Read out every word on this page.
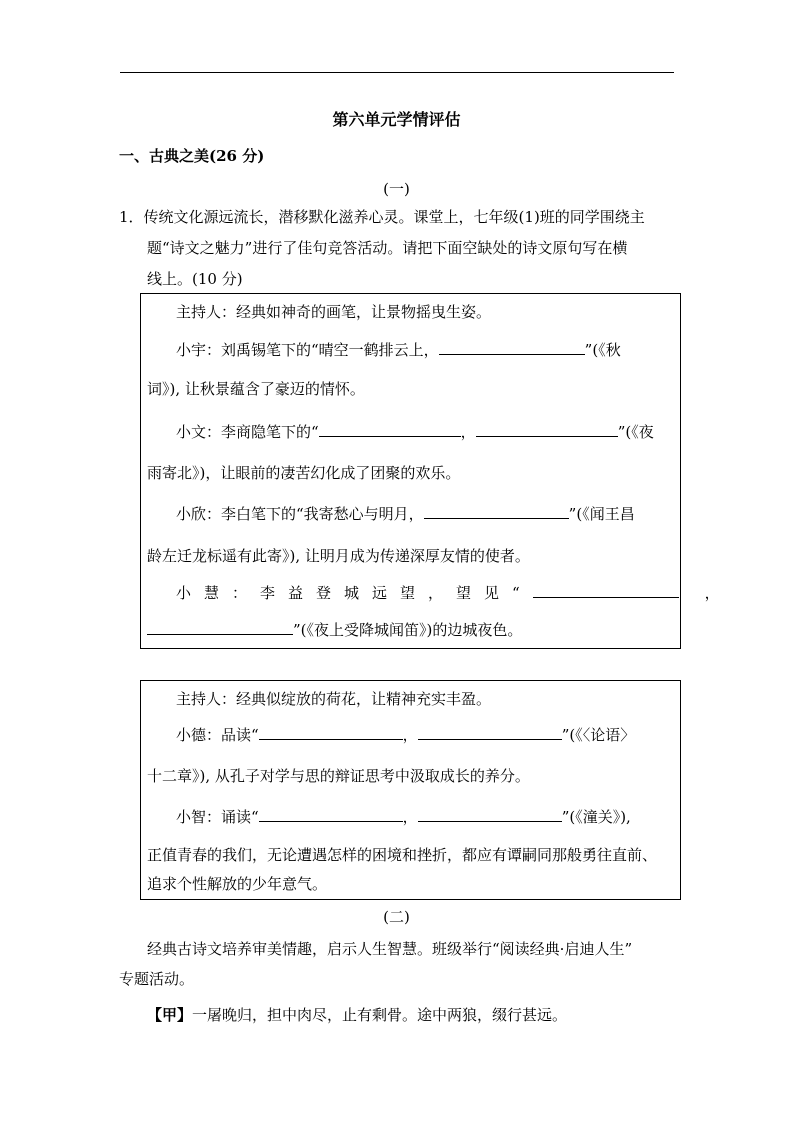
第六单元学情评估
一、古典之美(26 分)
(一)
1．传统文化源远流长，潜移默化滋养心灵。课堂上，七年级(1)班的同学围绕主
题“诗文之魅力”进行了佳句竞答活动。请把下面空缺处的诗文原句写在横
线上。(10 分)
主持人：经典如神奇的画笔，让景物摇曳生姿。
小宇：刘禹锡笔下的“晴空一鹤排云上，	”(《秋
词》), 让秋景蕴含了豪迈的情怀。
小文：李商隐笔下的“	，	”(《夜
雨寄北》)，让眼前的凄苦幻化成了团聚的欢乐。
小欣：李白笔下的“我寄愁心与明月，	”(《闻王昌
龄左迁龙标遥有此寄》), 让明月成为传递深厚友情的使者。
小慧：李益登城远望，望见“	，
”(《夜上受降城闻笛》)的边城夜色。
主持人：经典似绽放的荷花，让精神充实丰盈。
小德：品读“	，	”(《〈论语〉
十二章》), 从孔子对学与思的辩证思考中汲取成长的养分。
小智：诵读“	，	”(《潼关》),
正值青春的我们，无论遭遇怎样的困境和挫折，都应有谭嗣同那般勇往直前、
追求个性解放的少年意气。
(二)
经典古诗文培养审美情趣，启示人生智慧。班级举行“阅读经典·启迪人生”
专题活动。
【甲】一屠晚归，担中肉尽，止有剩骨。途中两狼，缀行甚远。
